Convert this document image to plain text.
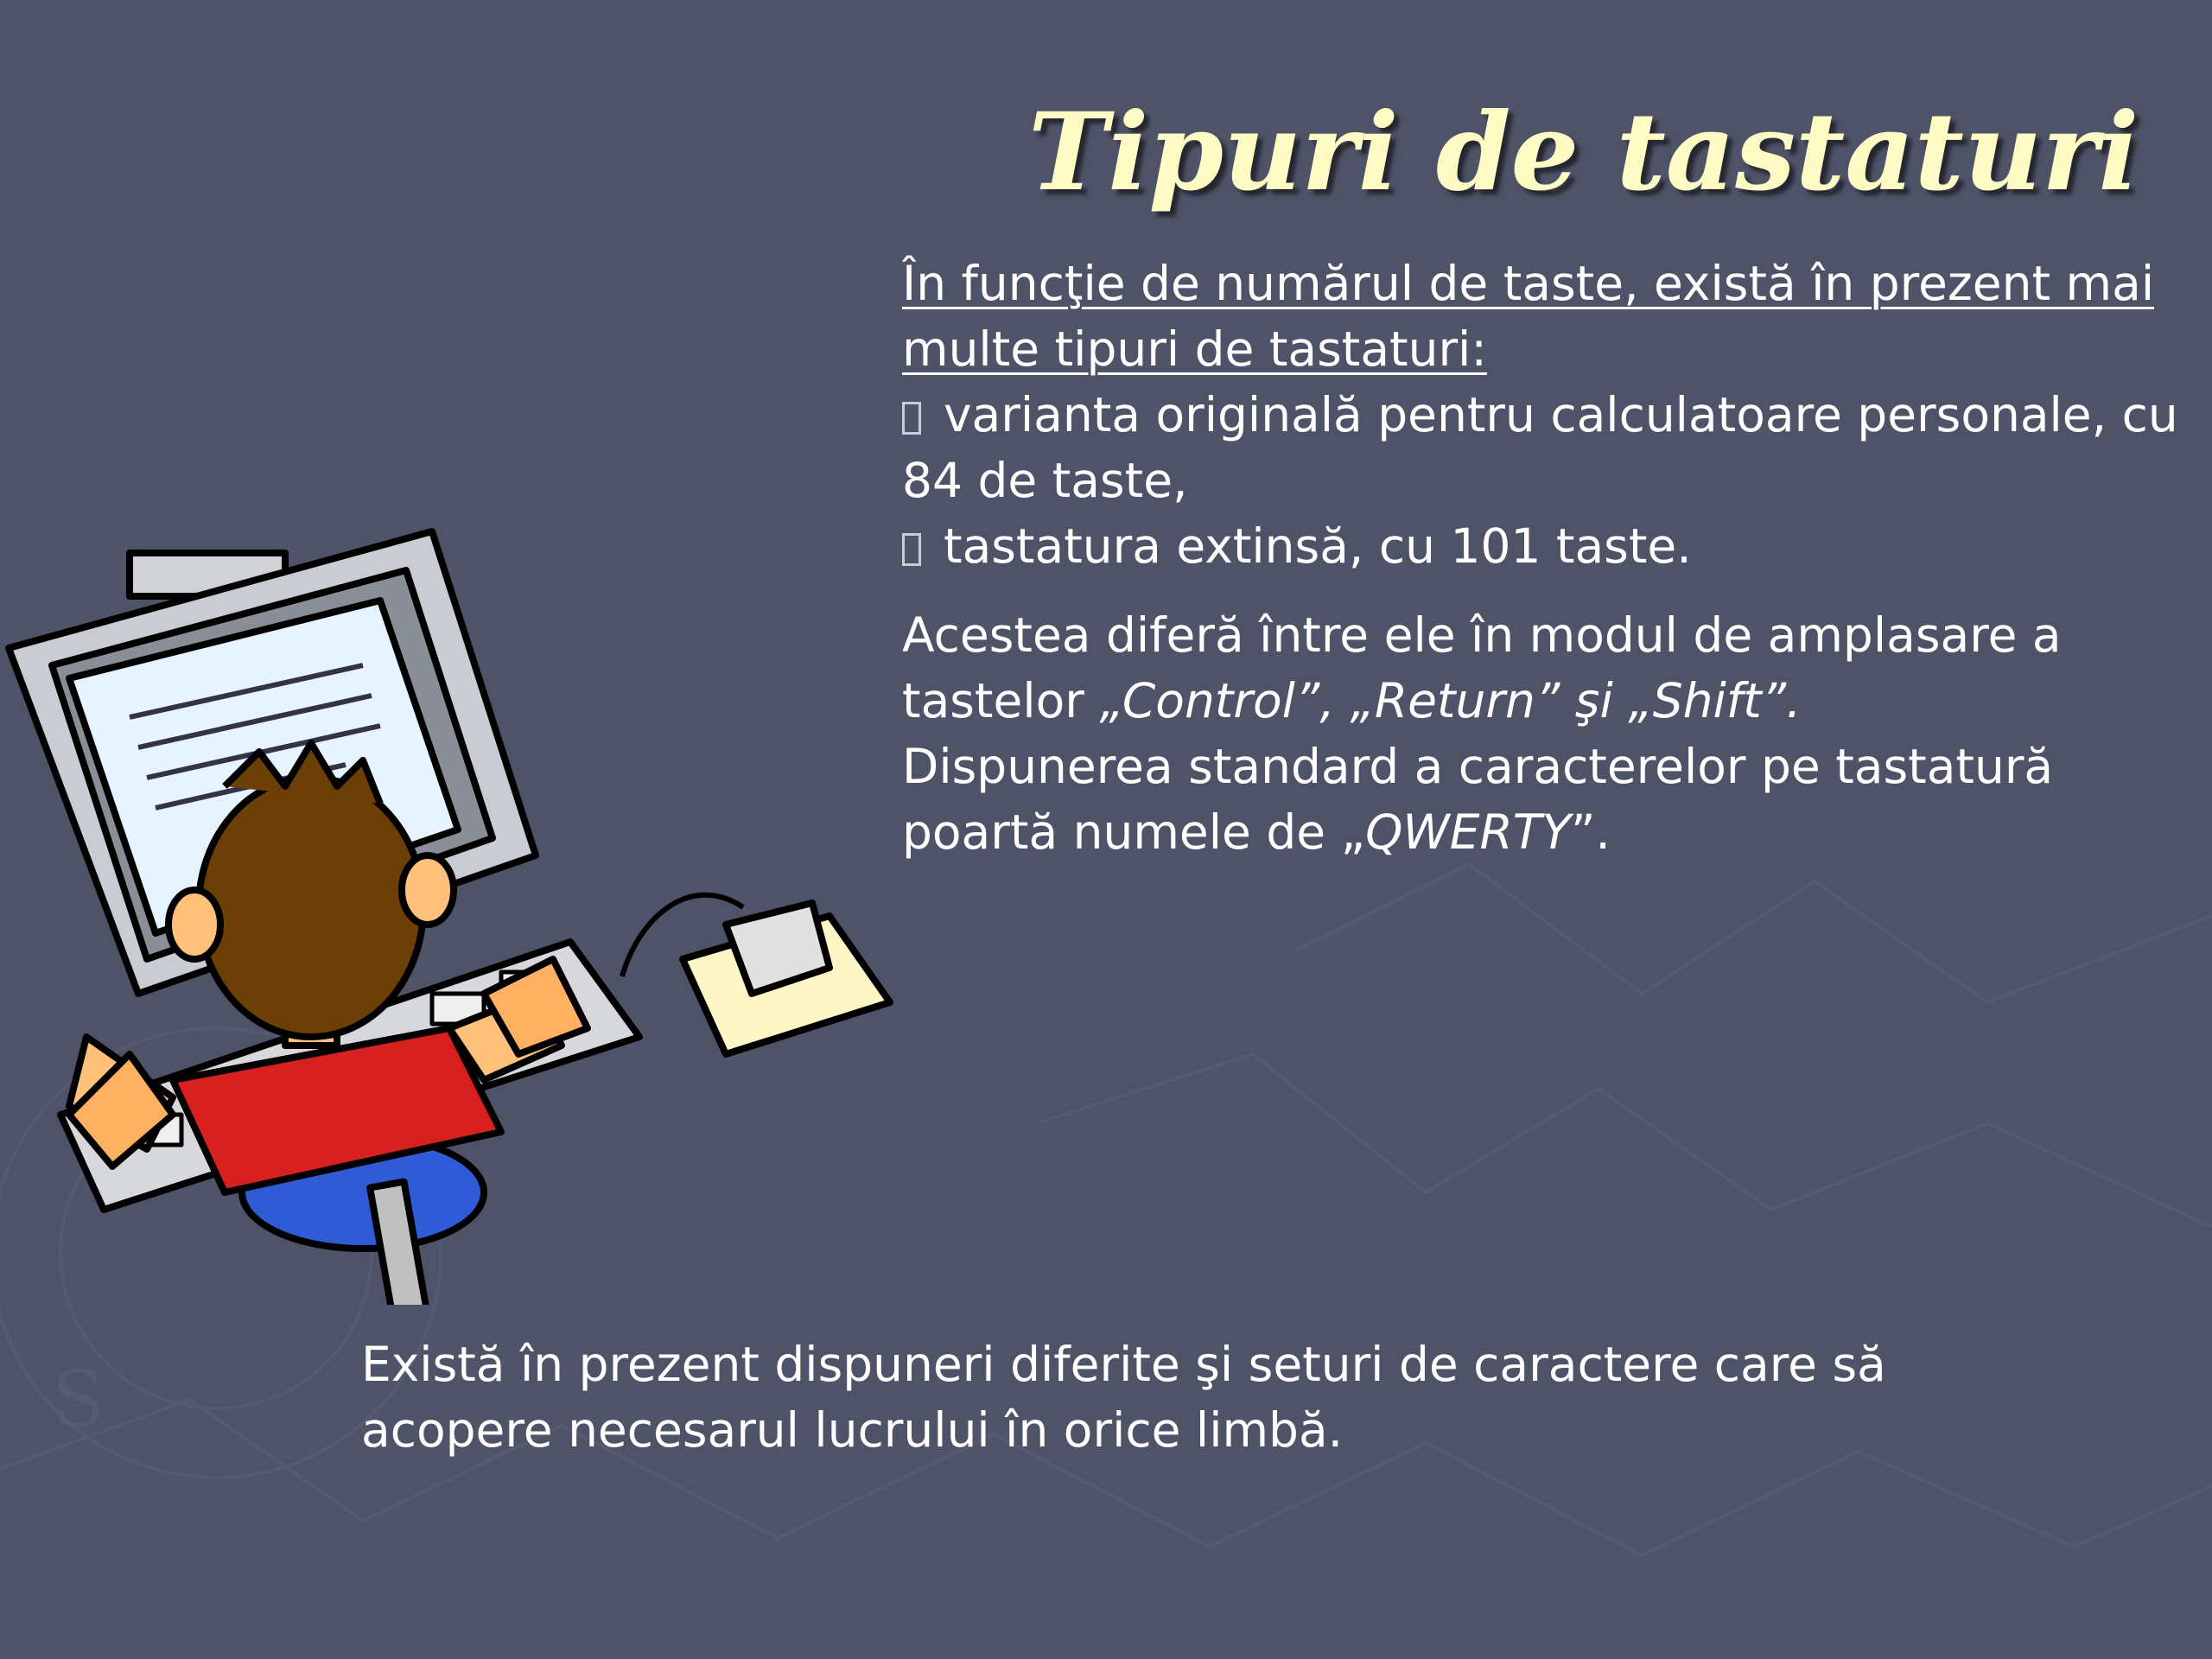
S
Tipuri de tastaturi
În funcţie de numărul de taste, există în prezent mai multe tipuri de tastaturi:
varianta originală pentru calculatoare personale, cu 84 de taste,
tastatura extinsă, cu 101 taste.
Acestea diferă între ele în modul de amplasare a tastelor „Control”, „Return” şi „Shift”.
Dispunerea standard a caracterelor pe tastatură poartă numele de „QWERTY”.
Există în prezent dispuneri diferite şi seturi de caractere care să acopere necesarul lucrului în orice limbă.
